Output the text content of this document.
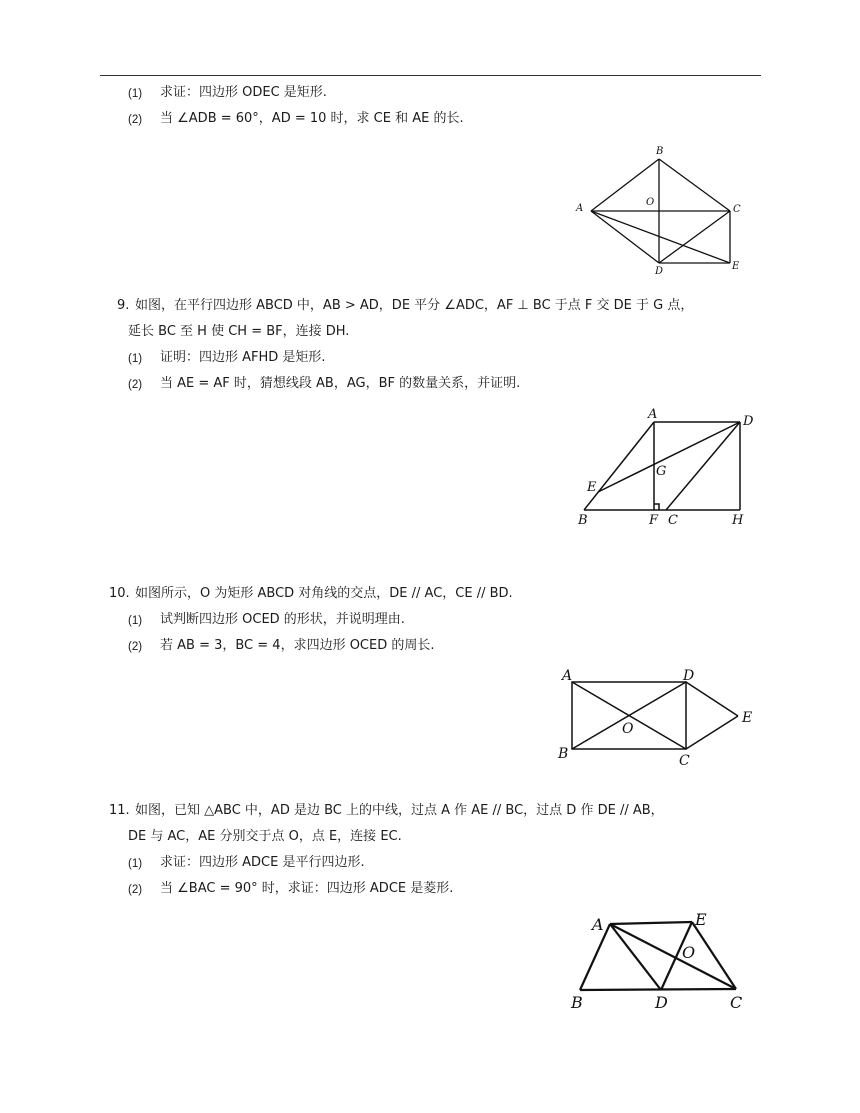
(1) 求证：四边形 ODEC 是矩形.
(2) 当 ∠ADB = 60°，AD = 10 时，求 CE 和 AE 的长.
B
A
O
C
D	E
9. 如图，在平行四边形 ABCD 中，AB > AD，DE 平分 ∠ADC，AF ⊥ BC 于点 F 交 DE 于 G 点，
延长 BC 至 H 使 CH = BF，连接 DH.
(1) 证明：四边形 AFHD 是矩形.
(2) 当 AE = AF 时，猜想线段 AB，AG，BF 的数量关系，并证明.
A	D
G
E
B	F C	H
10. 如图所示，O 为矩形 ABCD 对角线的交点，DE // AC，CE // BD.
(1) 试判断四边形 OCED 的形状，并说明理由.
(2) 若 AB = 3，BC = 4，求四边形 OCED 的周长.
A	D
E
O
B	C
11. 如图，已知 △ABC 中，AD 是边 BC 上的中线，过点 A 作 AE // BC，过点 D 作 DE // AB，
DE 与 AC，AE 分别交于点 O，点 E，连接 EC.
(1) 求证：四边形 ADCE 是平行四边形.
(2) 当 ∠BAC = 90° 时，求证：四边形 ADCE 是菱形.
A	E
O
B	D	C
